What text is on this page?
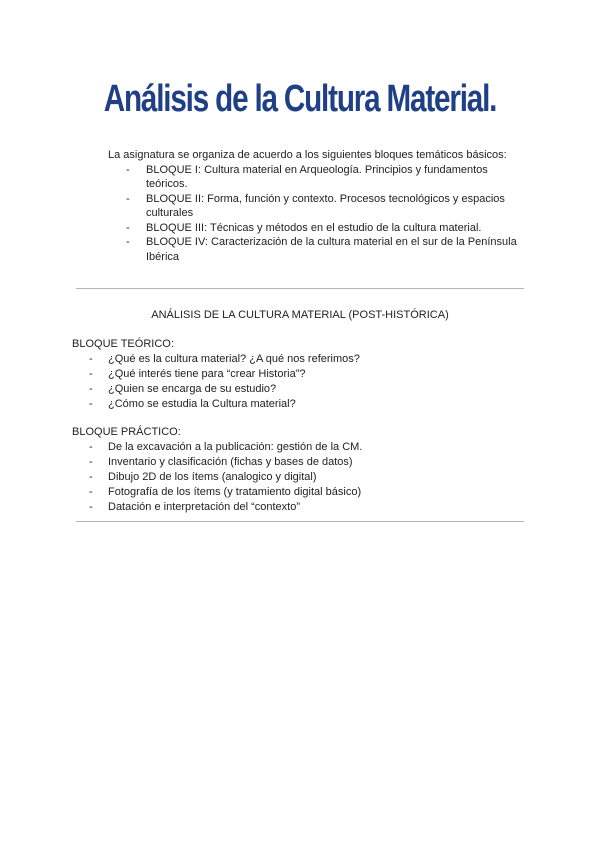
Análisis de la Cultura Material.
La asignatura se organiza de acuerdo a los siguientes bloques temáticos básicos:
- BLOQUE I: Cultura material en Arqueología. Principios y fundamentos teóricos.
- BLOQUE II: Forma, función y contexto. Procesos tecnológicos y espacios culturales
- BLOQUE III: Técnicas y métodos en el estudio de la cultura material.
- BLOQUE IV: Caracterización de la cultura material en el sur de la Península Ibérica
ANÁLISIS DE LA CULTURA MATERIAL (POST-HISTÓRICA)
BLOQUE TEÓRICO:
- ¿Qué es la cultura material? ¿A qué nos referimos?
- ¿Qué interés tiene para “crear Historia”?
- ¿Quien se encarga de su estudio?
- ¿Cómo se estudia la Cultura material?
BLOQUE PRÁCTICO:
- De la excavación a la publicación: gestión de la CM.
- Inventario y clasificación (fichas y bases de datos)
- Dibujo 2D de los ítems (analogico y digital)
- Fotografía de los ítems (y tratamiento digital básico)
- Datación e interpretación del “contexto”
